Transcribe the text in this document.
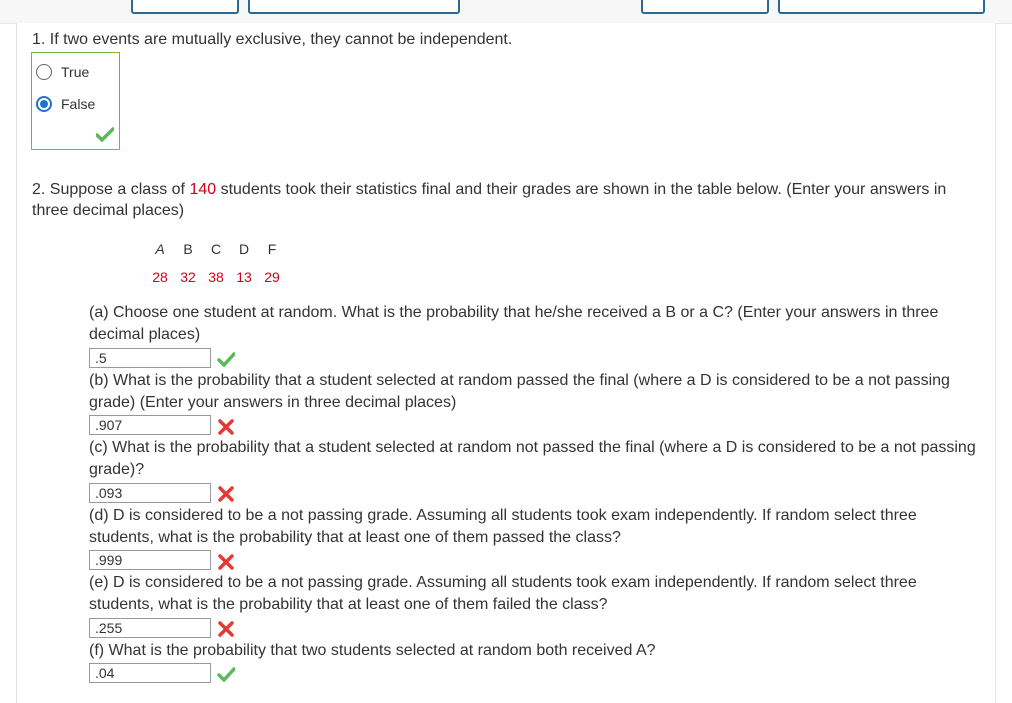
1. If two events are mutually exclusive, they cannot be independent.
True
False
2. Suppose a class of 140 students took their statistics final and their grades are shown in the table below. (Enter your answers in three decimal places)
A	B	C	D	F
28 32 38 13 29
(a) Choose one student at random. What is the probability that he/she received a B or a C? (Enter your answers in three decimal places)
.5
(b) What is the probability that a student selected at random passed the final (where a D is considered to be a not passing grade) (Enter your answers in three decimal places)
.907
(c) What is the probability that a student selected at random not passed the final (where a D is considered to be a not passing grade)?
.093
(d) D is considered to be a not passing grade. Assuming all students took exam independently. If random select three students, what is the probability that at least one of them passed the class?
.999
(e) D is considered to be a not passing grade. Assuming all students took exam independently. If random select three students, what is the probability that at least one of them failed the class?
.255
(f) What is the probability that two students selected at random both received A?
.04
